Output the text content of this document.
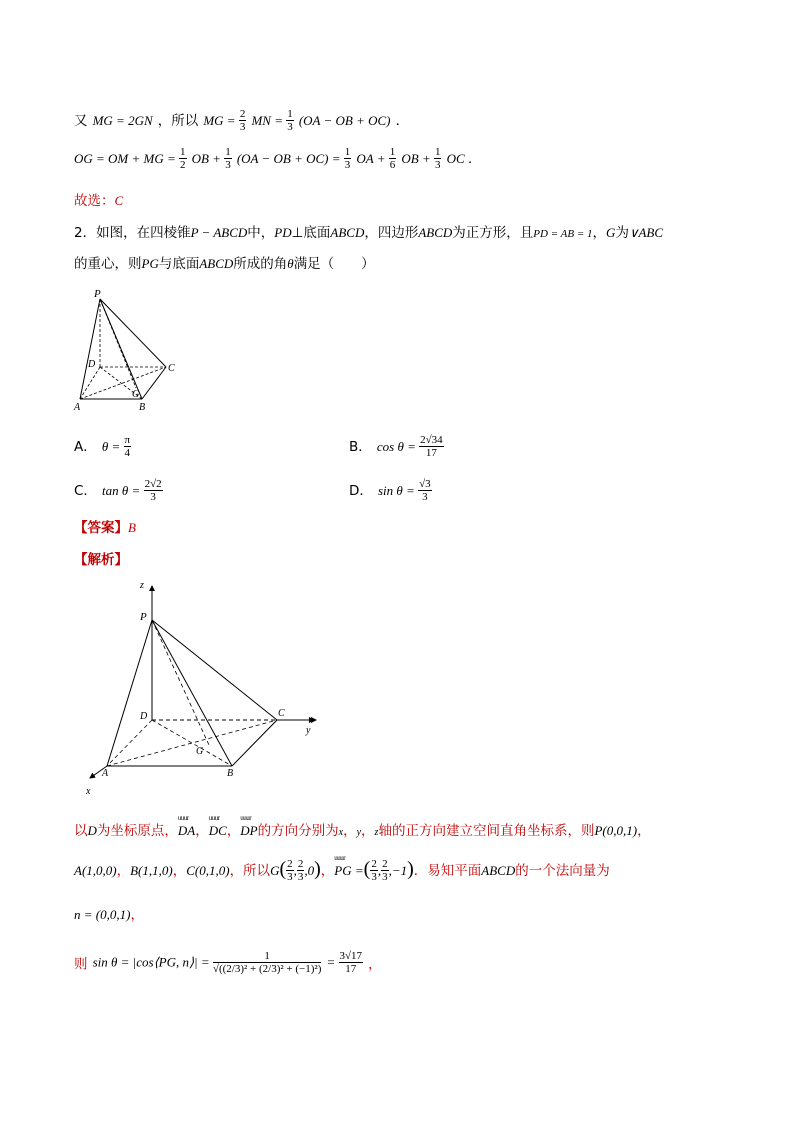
又 MG = 2GN ，所以 MG = $\frac{2}{3}$ MN = $\frac{1}{3} (OA$ − OB + OC) ．
OG = OM + MG = $\frac{1}{2}$ OB + $\frac{1}{3} (OA$ − OB + $OC) = \frac{1}{3}$ OA + $\frac{1}{6}$ OB + $\frac{1}{3}$ OC ．
故选：C
2．如图，在四棱锥P − ABCD中，PD⊥底面ABCD，四边形ABCD为正方形，且PD = AB = 1，G为∨ABC
的重心，则PG与底面ABCD所成的角θ满足（　　）
P
D	C
G
A	B
A． $\theta = \frac{\pi}{4}$	B． $\cos \theta = \frac{2√34}{17}$
C． $\tan \theta = \frac{2√2}{3}$	D． $\sin \theta = \frac{√3}{3}$
【答案】B
【解析】
z
P
D	C
y
G
A	B
x
以D为坐标原点，uuur DA，uuur DC，uuur DP的方向分别为x，y，z轴的正方向建立空间直角坐标系，则P(0,0,1)，
A(1,0,0)，B(1,1,0)，C(0,1,0)，所以$G( \frac{2}{3}$ , $\frac{2}{3} ,0$)，uuur PG =( $\frac{2}{3}$ , $\frac{2}{3} ,-1$)．易知平面ABCD的一个法向量为
n = (0,0,1)，
则 sin θ = |cos⟨PG, n⟩| = $\frac{1}{\text{√((2/3)² + (2/3)² + (−1)²)}} = \frac{3√17}{17}$ ，
